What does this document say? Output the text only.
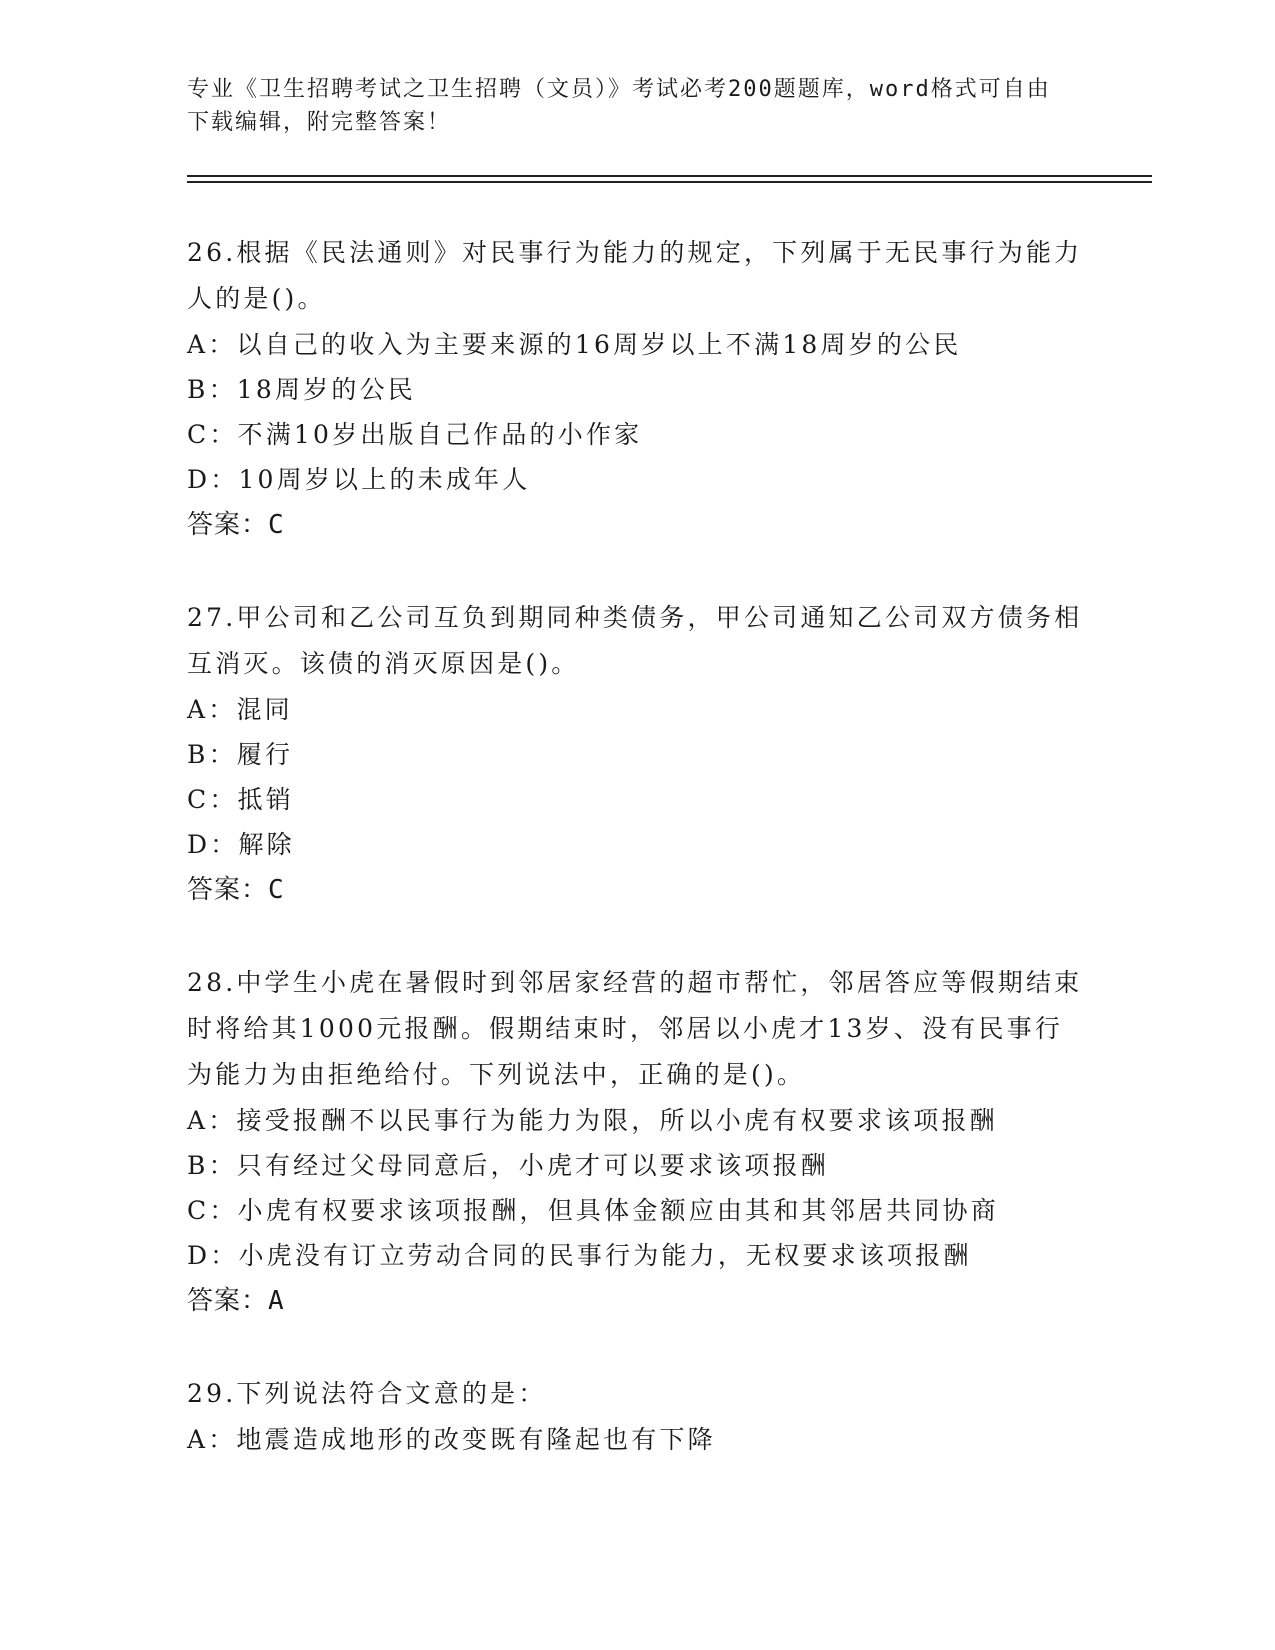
专业《卫生招聘考试之卫生招聘（文员）》考试必考200题题库，word格式可自由下载编辑，附完整答案！

26.根据《民法通则》对民事行为能力的规定，下列属于无民事行为能力人的是()。

A：以自己的收入为主要来源的16周岁以上不满18周岁的公民

B：18周岁的公民

C：不满10岁出版自己作品的小作家

D：10周岁以上的未成年人

答案：C

27.甲公司和乙公司互负到期同种类债务，甲公司通知乙公司双方债务相互消灭。该债的消灭原因是()。

A：混同

B：履行

C：抵销

D：解除

答案：C

28.中学生小虎在暑假时到邻居家经营的超市帮忙，邻居答应等假期结束时将给其1000元报酬。假期结束时，邻居以小虎才13岁、没有民事行为能力为由拒绝给付。下列说法中，正确的是()。

A：接受报酬不以民事行为能力为限，所以小虎有权要求该项报酬

B：只有经过父母同意后，小虎才可以要求该项报酬

C：小虎有权要求该项报酬，但具体金额应由其和其邻居共同协商

D：小虎没有订立劳动合同的民事行为能力，无权要求该项报酬

答案：A

29.下列说法符合文意的是：

A：地震造成地形的改变既有隆起也有下降
